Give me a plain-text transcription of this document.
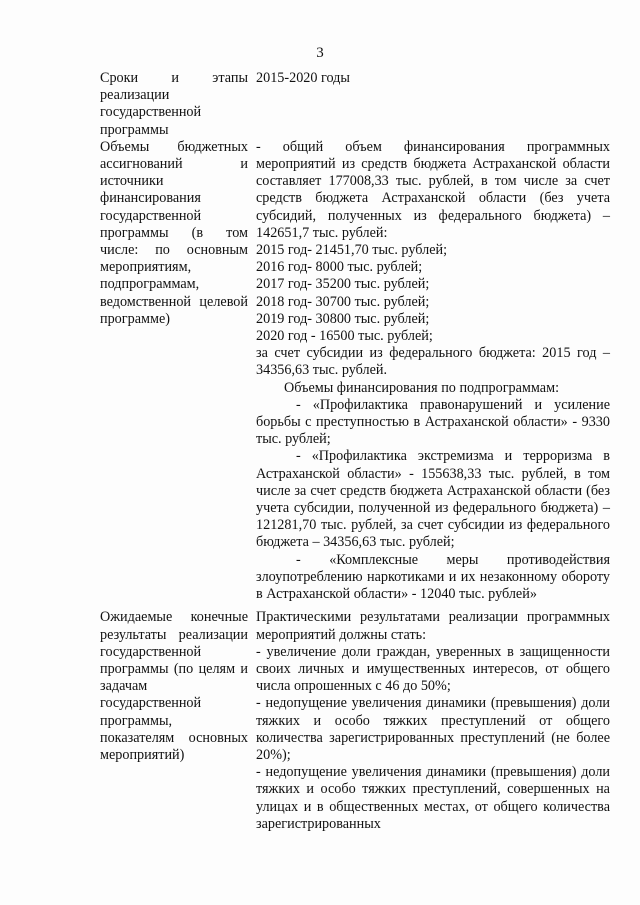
3

Сроки и этапы реализации государственной программы

2015-2020 годы

Объемы бюджетных ассигнований и источники финансирования государственной программы (в том числе: по основным мероприятиям, подпрограммам, ведомственной целевой программе)

- общий объем финансирования программных мероприятий из средств бюджета Астраханской области составляет 177008,33 тыс. рублей, в том числе за счет средств бюджета Астраханской области (без учета субсидий, полученных из федерального бюджета) – 142651,7 тыс. рублей:

2015 год- 21451,70 тыс. рублей;

2016 год- 8000 тыс. рублей;

2017 год- 35200 тыс. рублей;

2018 год- 30700 тыс. рублей;

2019 год- 30800 тыс. рублей;

2020 год - 16500 тыс. рублей;

за счет субсидии из федерального бюджета: 2015 год – 34356,63 тыс. рублей.

Объемы финансирования по подпрограммам:

- «Профилактика правонарушений и усиление борьбы с преступностью в Астраханской области» - 9330 тыс. рублей;

- «Профилактика экстремизма и терроризма в Астраханской области» - 155638,33 тыс. рублей, в том числе за счет средств бюджета Астраханской области (без учета субсидии, полученной из федерального бюджета) – 121281,70 тыс. рублей, за счет субсидии из федерального бюджета – 34356,63 тыс. рублей;

- «Комплексные меры противодействия злоупотреблению наркотиками и их незаконному обороту в Астраханской области» - 12040 тыс. рублей»

Ожидаемые конечные результаты реализации государственной программы (по целям и задачам государственной программы, показателям основных мероприятий)

Практическими результатами реализации программных мероприятий должны стать:

- увеличение доли граждан, уверенных в защищенности своих личных и имущественных интересов, от общего числа опрошенных с 46 до 50%;

- недопущение увеличения динамики (превышения) доли тяжких и особо тяжких преступлений от общего количества зарегистрированных преступлений (не более 20%);

- недопущение увеличения динамики (превышения) доли тяжких и особо тяжких преступлений, совершенных на улицах и в общественных местах, от общего количества зарегистрированных
